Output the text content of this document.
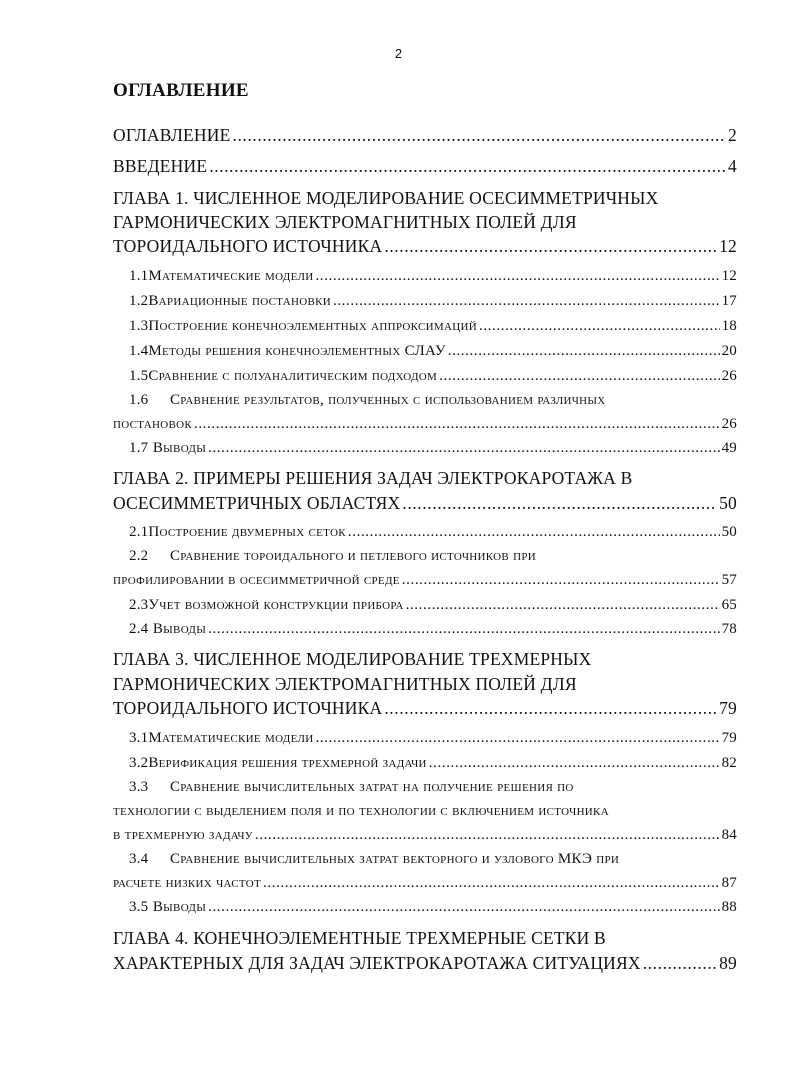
2
ОГЛАВЛЕНИЕ
ОГЛАВЛЕНИЕ .....	2
ВВЕДЕНИЕ .....	4
ГЛАВА 1. ЧИСЛЕННОЕ МОДЕЛИРОВАНИЕ ОСЕСИММЕТРИЧНЫХ
ГАРМОНИЧЕСКИХ ЭЛЕКТРОМАГНИТНЫХ ПОЛЕЙ ДЛЯ
ТОРОИДАЛЬНОГО ИСТОЧНИКА .....	12
1.1 Математические модели .....	12
1.2 Вариационные постановки .....	17
1.3 Построение конечноэлементных аппроксимаций .....	18
1.4 Методы решения конечноэлементных СЛАУ .....	20
1.5 Сравнение с полуаналитическим подходом .....	26
1.6	Сравнение результатов, полученных с использованием различных
постановок .....	26
1.7 Выводы .....	49
ГЛАВА 2. ПРИМЕРЫ РЕШЕНИЯ ЗАДАЧ ЭЛЕКТРОКАРОТАЖА В
ОСЕСИММЕТРИЧНЫХ ОБЛАСТЯХ .....	50
2.1 Построение двумерных сеток .....	50
2.2	Сравнение тороидального и петлевого источников при
профилировании в осесимметричной среде .....	57
2.3 Учет возможной конструкции прибора .....	65
2.4 Выводы .....	78
ГЛАВА 3. ЧИСЛЕННОЕ МОДЕЛИРОВАНИЕ ТРЕХМЕРНЫХ
ГАРМОНИЧЕСКИХ ЭЛЕКТРОМАГНИТНЫХ ПОЛЕЙ ДЛЯ
ТОРОИДАЛЬНОГО ИСТОЧНИКА .....	79
3.1 Математические модели .....	79
3.2 Верификация решения трехмерной задачи .....	82
3.3	Сравнение вычислительных затрат на получение решения по
технологии с выделением поля и по технологии с включением источника
в трехмерную задачу .....	84
3.4	Сравнение вычислительных затрат векторного и узлового МКЭ при
расчете низких частот .....	87
3.5 Выводы .....	88
ГЛАВА 4. КОНЕЧНОЭЛЕМЕНТНЫЕ ТРЕХМЕРНЫЕ СЕТКИ В
ХАРАКТЕРНЫХ ДЛЯ ЗАДАЧ ЭЛЕКТРОКАРОТАЖА СИТУАЦИЯХ .....	89
